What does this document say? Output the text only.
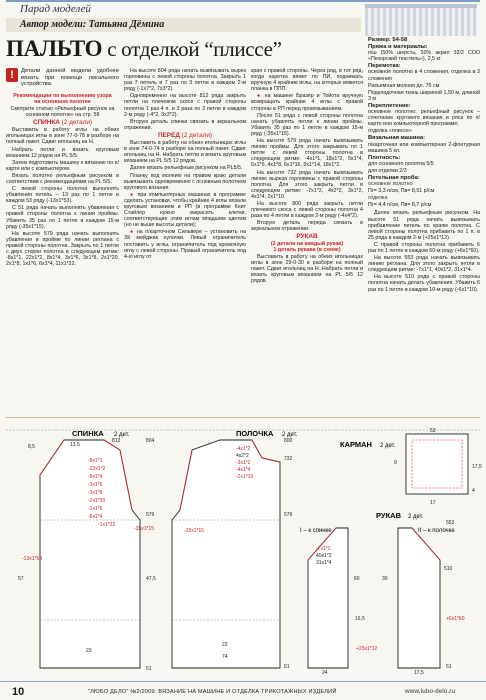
Парад моделей
Автор модели: Татьяна Дёмина
ПАЛЬТО с отделкой “плиссе”
!	Детали данной модели удобнее вязать при помощи лекального устройства.
Рекомендации по выполнению узора
на основном полотне

Смотрите статью «Рельефный рисунок на основном полотне» на стр. 58

СПИНКА (2 детали)

Выставить в работу иглы на обеих игольницах иглы в зоне 77-0-78 в разборе на полный пакет. Сдвиг игольниц на Н.

Набрать петли и вязать круговым вязанием 12 рядов на PL 5/5.

Затем подготовить машину к вязанию по п/карте или с компьютером.

Вязать полотно рельефным рисунком в соответствии с рекомендациями на PL 5/5.

С левой стороны полотна выполнять убавления петель – 13 раз по 1 петле в каждом 53 ряду (-13x1*53).

С 51 ряда начать выполнять убавления с правой стороны полотна к линии проймы. Убавить 35 раз по 1 петле в каждом 15-м ряду (-35x1*15).

На высоте 579 ряда начать выполнить убавления в пройме по линии реглана с правой стороны полотна. Закрыть по 1 петле с двух сторон полотна в следующем ритме: -8x1*1, 22x1*2, 8x1*4, 3x1*6, 3x1*8, 2x1*20, 2x1*8, 1x1*6, 6x1*4, 11x1*22.

На высоте 804 ряда начать вывязывать вырез горловины с левой стороны полотна. Закрыть 1 раз 7 петель и 7 раз по 3 петли в каждом 2-м ряду (-1x7*2, 7x3*2).

Одновременно на высоте 812 ряда закрыть петли на плечевом скосе с правой стороны полотна 1 раз 4 п. и 3 раза по 3 петли в каждом 2-м ряду (-4*2, 3x3*2).

Вторую деталь спинки связать в зеркальном отражении.

ПЕРЕД (2 детали)

Выставить в работу на обеих игольницах иглы в зоне 74-0-74 в разборе на полный пакет. Сдвиг игольниц на Н. Набрать петли и вязать круговым вязанием на PL 5/5 12 рядов.

Далее вязать рельефным рисунком на PL5/5.

Планку под молнию на правом краю детали вывязывать одновременно с основным полотном кругового вязания.

● при компьютерных машинах в программе сделать установки, чтобы крайние 4 иглы вязали круговым вязанием в PП (в программе Книт Стайлер нужно закрасить клетки, соответствующие этим иглам мпадшим цветом (но не выше высоты детали);

● на п/карточном Сильвере – установить на ЗК мейджик кулачки. Левый ограничитель поставить у иглы, ограничитель под кромочную иглу с левой стороны. Правый ограничитель под 4-ю иглу от

края с правой стороны. Через ряд, в тот ряд, когда каретка вяжет по ПИ, поднимать вручную 4 крайние иглы, на которых вяжется планка в ППП.

● на машине Бразер и Тойота вручную возвращать крайние 4 иглы с правой стороны в РП перед провязыванием.

После 51 ряда с левой стороны полотна начать убавлять петли к линии проймы. Убавить 35 раз по 1 петле в каждом 15-м ряду (-35x1*15).

На высоте 579 ряда начать вывязывать линию проймы. Для этого закрывать по 1 петле с левой стороны полотна в следующем ритме: -4x1*1, 18x1*2, 5x1*4, 6x1*6, 4x1*8, 6x1*16, 5x1*14, 18x1*2.

На высоте 732 ряда начать вывязывать линию выреза горловины с правой стороны полотна. Для этого закрыть петли в следующем ритме: -7x1*2, 4x2*2, 3x1*2, 4x1*4, 2x1*10.

На высоте 800 ряда закрыть петли плечевого скоса с левой стороны полотна 4 раза по 4 петли в каждом 2-м ряду (-4x4*2).

Вторую деталь переда связать в зеркальном отражении.

РУКАВ
(2 детали на каждый рукав)
1 деталь рукава (в схеме)

Выставить в работу на обеих игольницах иглы в зоне 29-0-30 в разборе на полный пакет. Сдвиг игольниц на Н. Набрать петли и вязать круговым вязанием на PL 5/5 12 рядов.

Размер: 54-58
Пряжа и материалы:

п/ш (50% шерсть, 50% акрил 32/2 СОО «Пехорский текстиль»), 2,5 кг

Перемотка:

основное полотно в 4 сложения, отделка в 3 сложения

Разъемная молния дл. 75 см

Подкладочная ткань шириной 1,50 м, длиной 3 м

Переплетение:

основное полотно: рельефный рисунок – сочетание кругового вязания и ряса по п/карте или компьютерной программе;

отделка «плиссе»

Вязальная машина:

п/карточная или компьютерная 2-фонтурная машина 5 кл.

Плотность:

для основного полотна 5/5

для отделки 2/3

Петельная проба:

основное полотно

Пг= 3,3 п/см, Пв= 8,51 р/см

отделка

Пг= 4,4 п/см, Пв= 8,7 р/см

Далее вязать рельефным рисунком. На высоте 51 ряда начать вывязывать прибавление петель по краям полотна. С левой стороны полотна прибавить по 1 п. в 25 ряда в каждом 2-м (+25x1*12).

С правой стороны полотна прибавить 6 раз по 1 петле в каждом 60-м ряду (+6x1*60).

На высоте 553 ряда начать вывязывать линию реглана. Для этого закрыть петли в следующем ритме: -7x1*1, 40x1*2, 31x1*4.

На высоте 510 ряда с правой стороны полотна начать делать убавления. Убавить 6 раз по 1 петле в каждом 10-м ряду (-6x1*10).

СПИНКА 2 дет.
8,5	13,5
57	47,5
-13x1*53
-35x1*15
-8x1*1
-22x1*2
-8x1*4
-3x1*6
-3x1*8
-2x1*20
-1x1*6
-6x1*4
-1x1*22
579
804
812
51
23
ПОЛОЧКА 2 дет.
-4x1*2
4x2*2
-3x1*2
-4x1*4
-2x1*10
-35x1*15
732
800
579
51
74
22
КАРМАН 2 дет.
17
17,5
9
4
53
РУКАВ 2 дет.
I – к спинке	II – к полочке
24
16,5
60
-7x1*1
40x1*2
31x1*4
+25x1*12
+6x1*60
553
510
51
17,5
30
10	"ЛЮБО ДЕЛО" №2/2009. ВЯЗАНИЕ НА МАШИНЕ И ОТДЕЛКА ТРИКОТАЖНЫХ ИЗДЕЛИЙ	www.lubo-delo.ru
